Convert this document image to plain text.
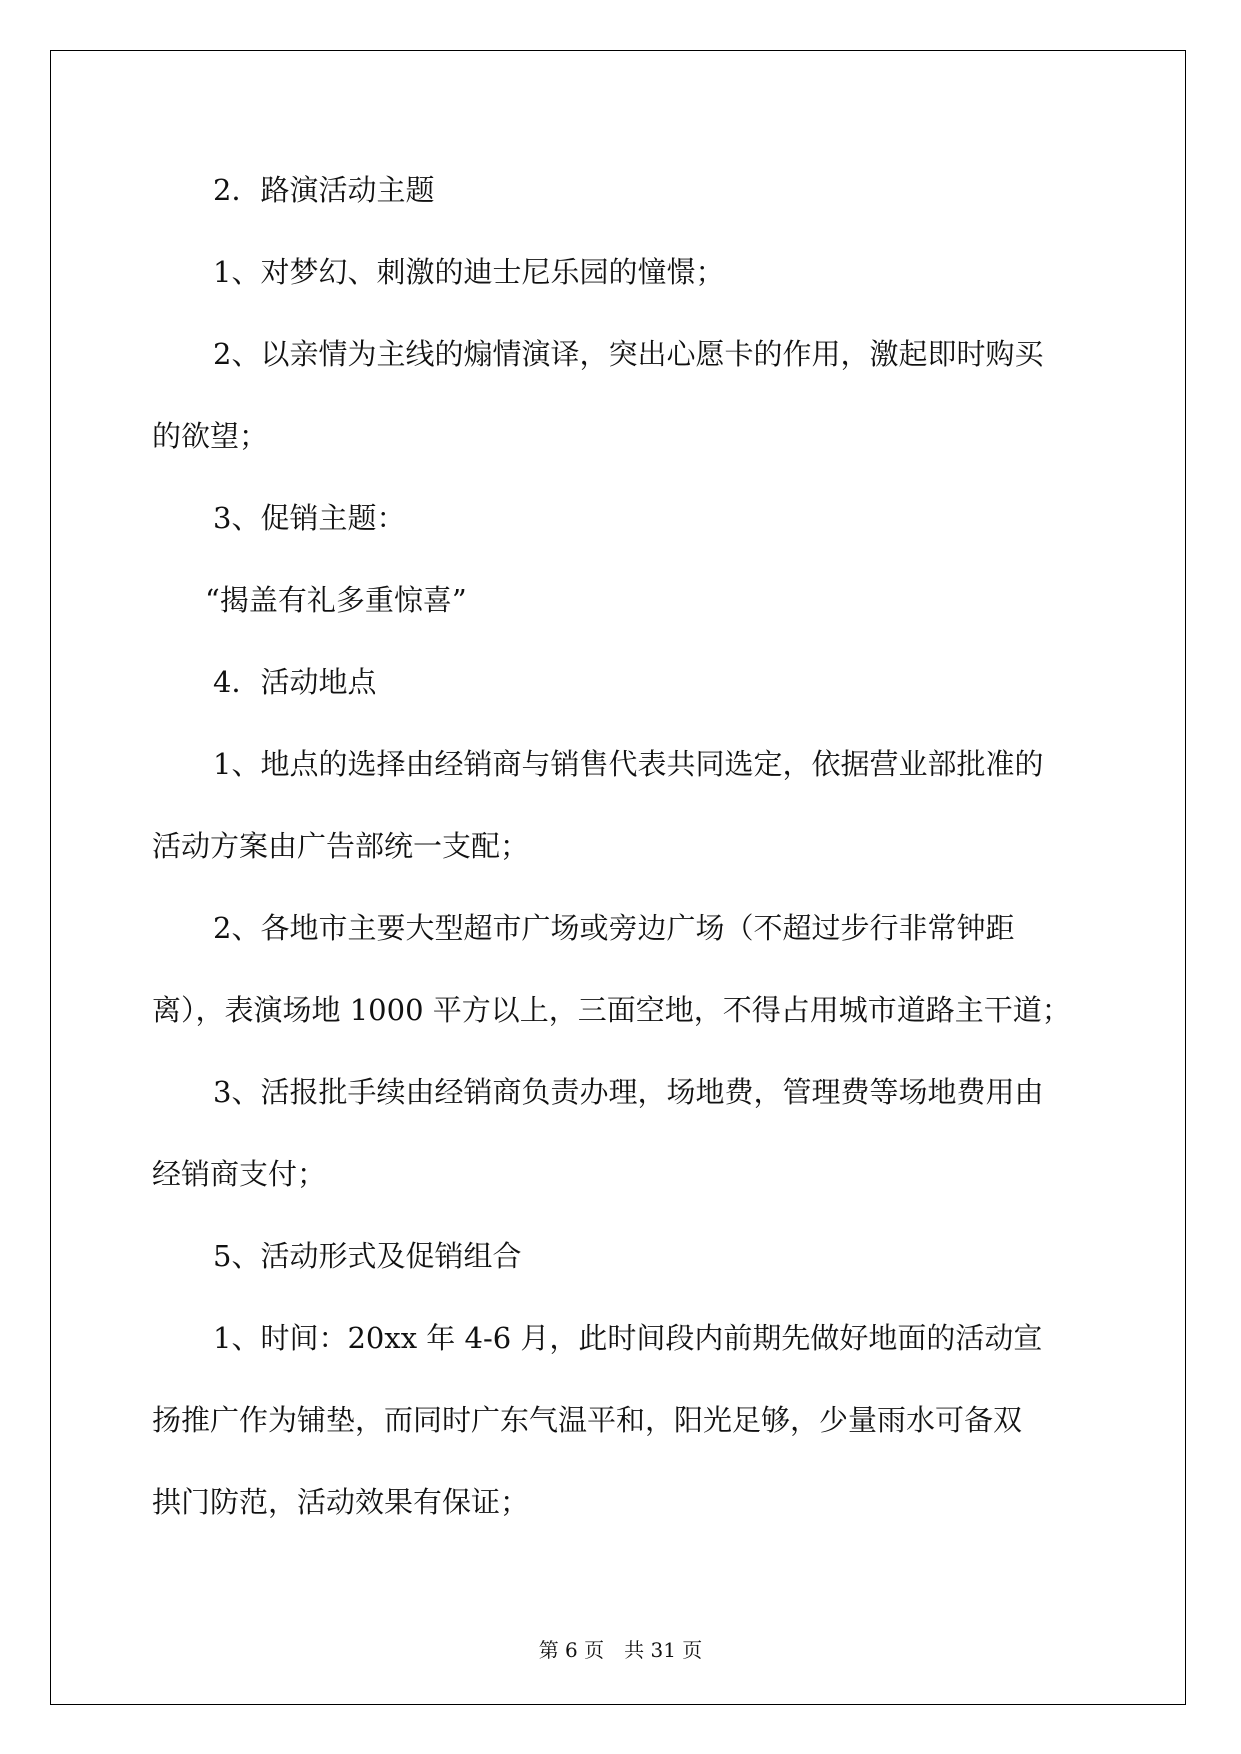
2．路演活动主题

1、对梦幻、刺激的迪士尼乐园的憧憬；

2、以亲情为主线的煽情演译，突出心愿卡的作用，激起即时购买

的欲望；

3、促销主题：

“揭盖有礼多重惊喜”

4．活动地点

1、地点的选择由经销商与销售代表共同选定，依据营业部批准的

活动方案由广告部统一支配；

2、各地市主要大型超市广场或旁边广场（不超过步行非常钟距

离），表演场地 1000 平方以上，三面空地，不得占用城市道路主干道；

3、活报批手续由经销商负责办理，场地费，管理费等场地费用由

经销商支付；

5、活动形式及促销组合

1、时间：20xx 年 4-6 月，此时间段内前期先做好地面的活动宣

扬推广作为铺垫，而同时广东气温平和，阳光足够，少量雨水可备双

拱门防范，活动效果有保证；

第 6 页 共 31 页
